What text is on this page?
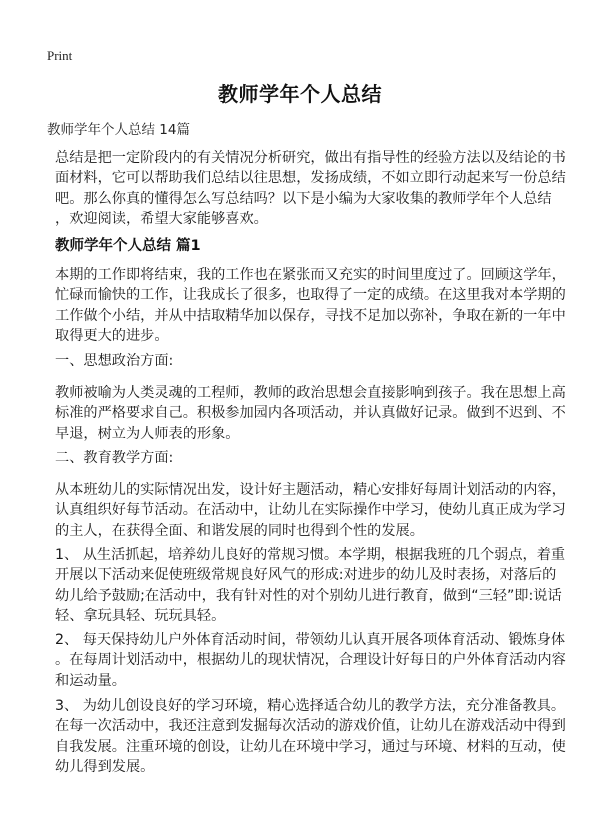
Print
教师学年个人总结
教师学年个人总结 14篇
总结是把一定阶段内的有关情况分析研究，做出有指导性的经验方法以及结论的书
面材料，它可以帮助我们总结以往思想，发扬成绩，不如立即行动起来写一份总结
吧。那么你真的懂得怎么写总结吗？以下是小编为大家收集的教师学年个人总结
，欢迎阅读，希望大家能够喜欢。
教师学年个人总结 篇1
本期的工作即将结束，我的工作也在紧张而又充实的时间里度过了。回顾这学年，
忙碌而愉快的工作，让我成长了很多，也取得了一定的成绩。在这里我对本学期的
工作做个小结，并从中拮取精华加以保存，寻找不足加以弥补，争取在新的一年中
取得更大的进步。
一、思想政治方面:
教师被喻为人类灵魂的工程师，教师的政治思想会直接影响到孩子。我在思想上高
标准的严格要求自己。积极参加园内各项活动，并认真做好记录。做到不迟到、不
早退，树立为人师表的形象。
二、教育教学方面:
从本班幼儿的实际情况出发，设计好主题活动，精心安排好每周计划活动的内容，
认真组织好每节活动。在活动中，让幼儿在实际操作中学习，使幼儿真正成为学习
的主人，在获得全面、和谐发展的同时也得到个性的发展。
1、 从生活抓起，培养幼儿良好的常规习惯。本学期，根据我班的几个弱点，着重
开展以下活动来促使班级常规良好风气的形成:对进步的幼儿及时表扬，对落后的
幼儿给予鼓励;在活动中，我有针对性的对个别幼儿进行教育，做到“三轻”即:说话
轻、拿玩具轻、玩玩具轻。
2、 每天保持幼儿户外体育活动时间，带领幼儿认真开展各项体育活动、锻炼身体
。在每周计划活动中，根据幼儿的现状情况，合理设计好每日的户外体育活动内容
和运动量。
3、 为幼儿创设良好的学习环境，精心选择适合幼儿的教学方法，充分准备教具。
在每一次活动中，我还注意到发掘每次活动的游戏价值，让幼儿在游戏活动中得到
自我发展。注重环境的创设，让幼儿在环境中学习，通过与环境、材料的互动，使
幼儿得到发展。
